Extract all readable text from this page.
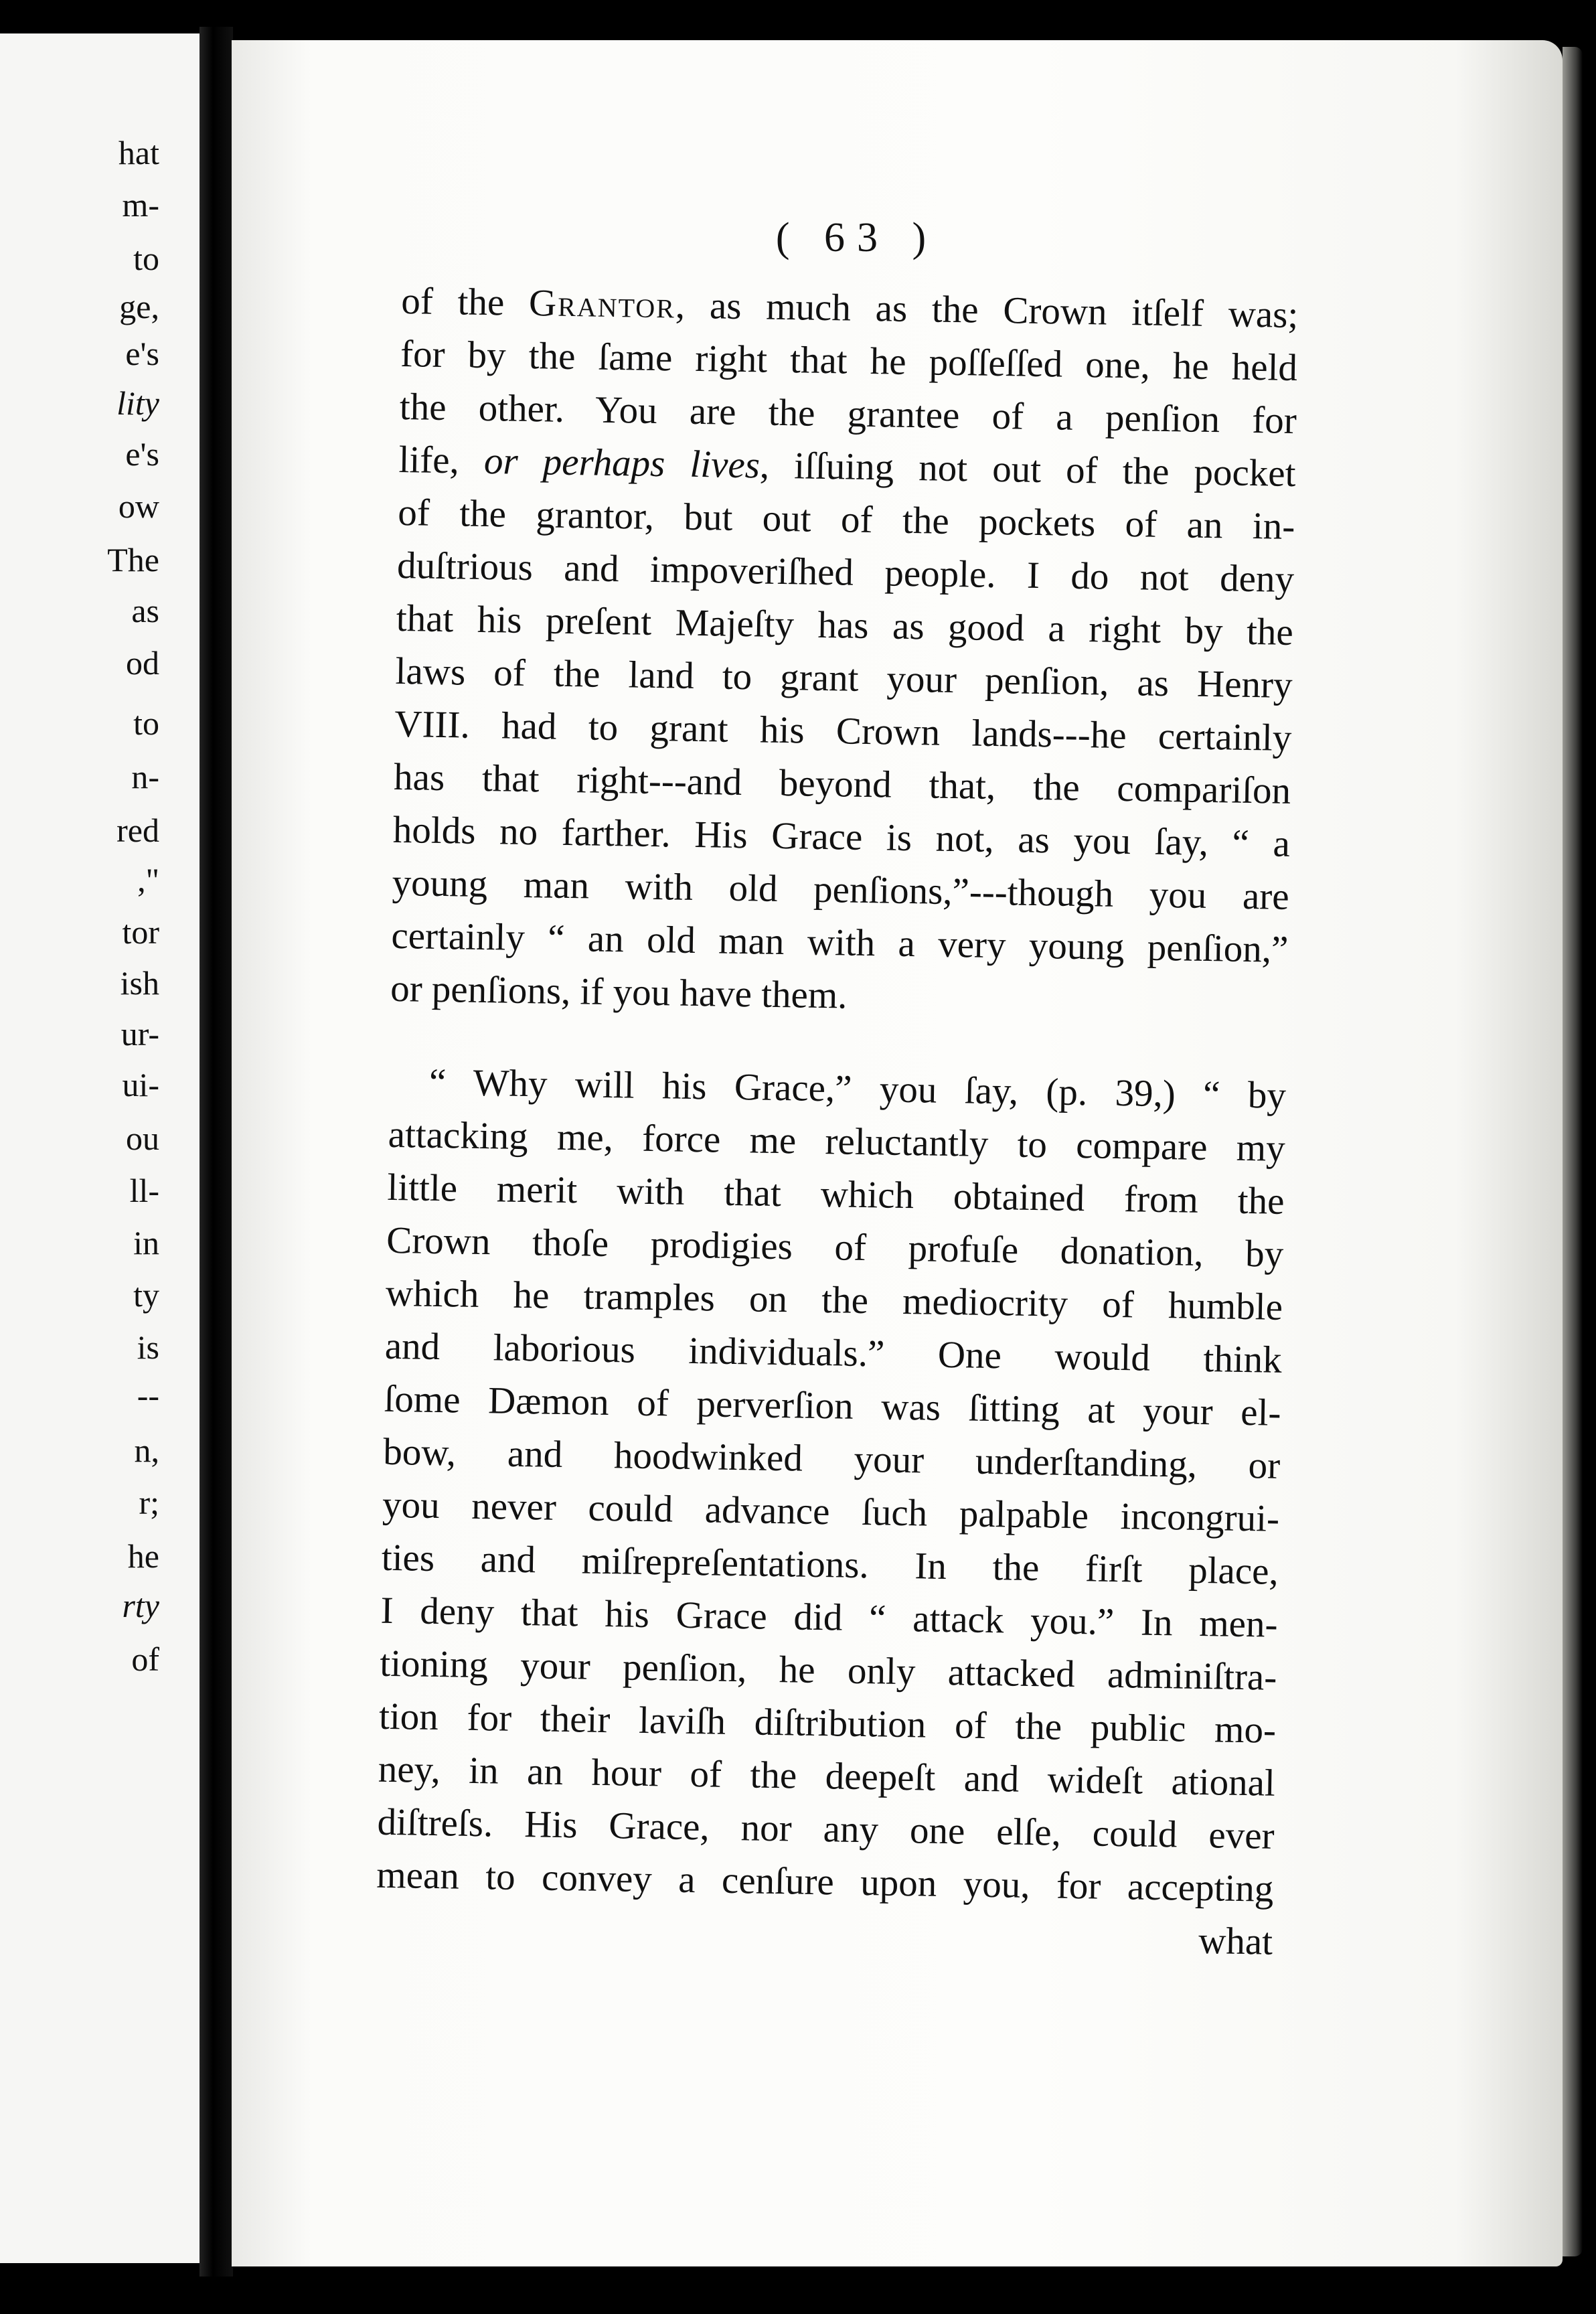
hat
m-
to
ge,
e's
lity
e's
ow
The
as
od
to
n-
red
,"
tor
ish
ur-
ui-
ou
ll-
in
ty
is
--
n,
r;
he
rty
of
( 63 )
of the Grantor, as much as the Crown itſelf was;
for by the ſame right that he poſſeſſed one, he held
the other. You are the grantee of a penſion for
life, or perhaps lives, iſſuing not out of the pocket
of the grantor, but out of the pockets of an in-
duſtrious and impoveriſhed people. I do not deny
that his preſent Majeſty has as good a right by the
laws of the land to grant your penſion, as Henry
VIII. had to grant his Crown lands---he certainly
has that right---and beyond that, the compariſon
holds no farther. His Grace is not, as you ſay, “ a
young man with old penſions,”---though you are
certainly “ an old man with a very young penſion,”
or penſions, if you have them.
“ Why will his Grace,” you ſay, (p. 39,) “ by
attacking me, force me reluctantly to compare my
little merit with that which obtained from the
Crown thoſe prodigies of profuſe donation, by
which he tramples on the mediocrity of humble
and laborious individuals.” One would think
ſome Dæmon of perverſion was ſitting at your el-
bow, and hoodwinked your underſtanding, or
you never could advance ſuch palpable incongrui-
ties and miſrepreſentations. In the firſt place,
I deny that his Grace did “ attack you.” In men-
tioning your penſion, he only attacked adminiſtra-
tion for their laviſh diſtribution of the public mo-
ney, in an hour of the deepeſt and wideſt ational
diſtreſs. His Grace, nor any one elſe, could ever
mean to convey a cenſure upon you, for accepting
what
